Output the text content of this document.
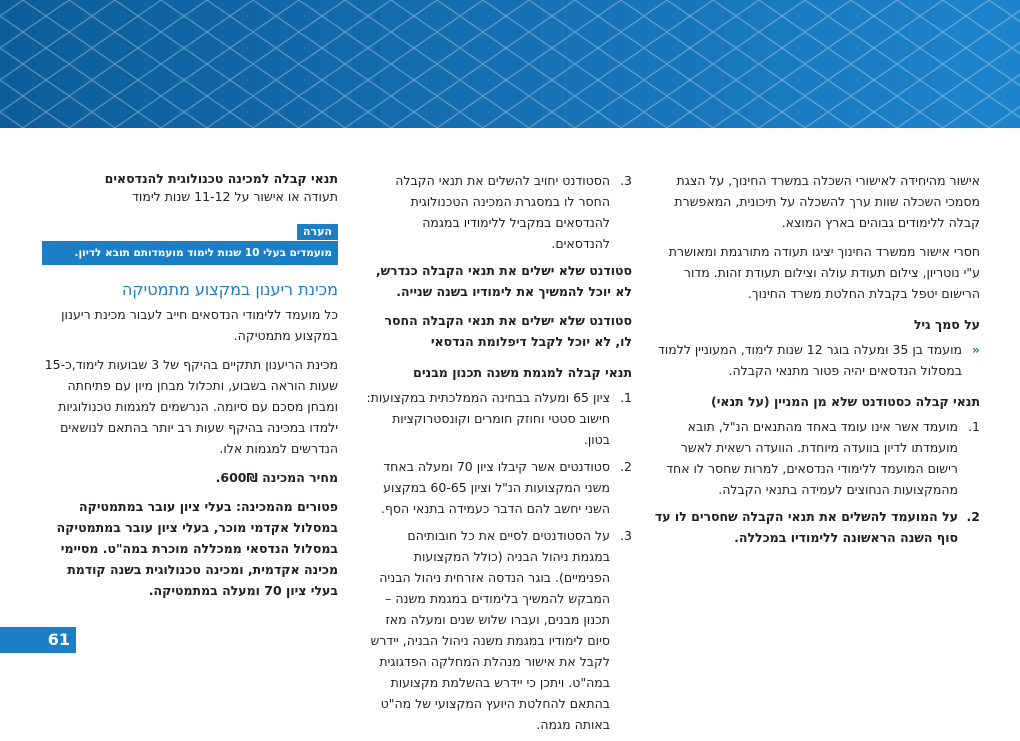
אישור מהיחידה לאישורי השכלה במשרד החינוך, על הצגת מסמכי השכלה שוות ערך להשכלה על תיכונית, המאפשרת קבלה ללימודים גבוהים בארץ המוצא.

חסרי אישור ממשרד החינוך יציגו תעודה מתורגמת ומאושרת ע"י נוטריון, צילום תעודת עולה וצילום תעודת זהות. מדור הרישום יטפל בקבלת החלטת משרד החינוך.

על סמך גיל
«
מועמד בן 35 ומעלה בוגר 12 שנות לימוד, המעוניין ללמוד במסלול הנדסאים יהיה פטור מתנאי הקבלה.
תנאי קבלה כסטודנט שלא מן המניין (על תנאי)
1.
מועמד אשר אינו עומד באחד מהתנאים הנ"ל, תובא מועמדתו לדיון בוועדה מיוחדת. הוועדה רשאית לאשר רישום המועמד ללימודי הנדסאים, למרות שחסר לו אחד מהמקצועות הנחוצים לעמידה בתנאי הקבלה.
2.
על המועמד להשלים את תנאי הקבלה שחסרים לו עד סוף השנה הראשונה ללימודיו במכללה.
3.
הסטודנט יחויב להשלים את תנאי הקבלה החסר לו במסגרת המכינה הטכנולוגית להנדסאים במקביל ללימודיו במגמה להנדסאים.

סטודנט שלא ישלים את תנאי הקבלה כנדרש, לא יוכל להמשיך את לימודיו בשנה שנייה.

סטודנט שלא ישלים את תנאי הקבלה החסר לו, לא יוכל לקבל דיפלומת הנדסאי

תנאי קבלה למגמת משנה תכנון מבנים
1.
ציון 65 ומעלה בבחינה הממלכתית במקצועות: חישוב סטטי וחוזק חומרים וקונסטרוקציות בטון.
2.
סטודנטים אשר קיבלו ציון 70 ומעלה באחד משני המקצועות הנ"ל וציון 60-65 במקצוע השני יחשב להם הדבר כעמידה בתנאי הסף.
3.
על הסטודנטים לסיים את כל חובותיהם במגמת ניהול הבניה (כולל המקצועות הפנימיים). בוגר הנדסה אזרחית ניהול הבניה המבקש להמשיך בלימודים במגמת משנה – תכנון מבנים, ועברו שלוש שנים ומעלה מאז סיום לימודיו במגמת משנה ניהול הבניה, יידרש לקבל את אישור מנהלת המחלקה הפדגוגית במה"ט. ויתכן כי יידרש בהשלמת מקצועות בהתאם להחלטת היועץ המקצועי של מה"ט באותה מגמה.
תנאי קבלה למכינה טכנולוגית להנדסאים

תעודה או אישור על 11-12 שנות לימוד

הערה
מועמדים בעלי 10 שנות לימוד מועמדותם תובא לדיון.
מכינת ריענון במקצוע מתמטיקה

כל מועמד ללימודי הנדסאים חייב לעבור מכינת ריענון במקצוע מתמטיקה.

מכינת הריענון תתקיים בהיקף של 3 שבועות לימוד,כ-15 שעות הוראה בשבוע, ותכלול מבחן מיון עם פתיחתה ומבחן מסכם עם סיומה. הנרשמים למגמות טכנולוגיות ילמדו במכינה בהיקף שעות רב יותר בהתאם לנושאים הנדרשים למגמות אלו.

מחיר המכינה 600₪.

פטורים מהמכינה: בעלי ציון עובר במתמטיקה במסלול אקדמי מוכר, בעלי ציון עובר במתמטיקה במסלול הנדסאי ממכללה מוכרת במה"ט. מסיימי מכינה אקדמית, ומכינה טכנולוגית בשנה קודמת בעלי ציון 70 ומעלה במתמטיקה.

61
